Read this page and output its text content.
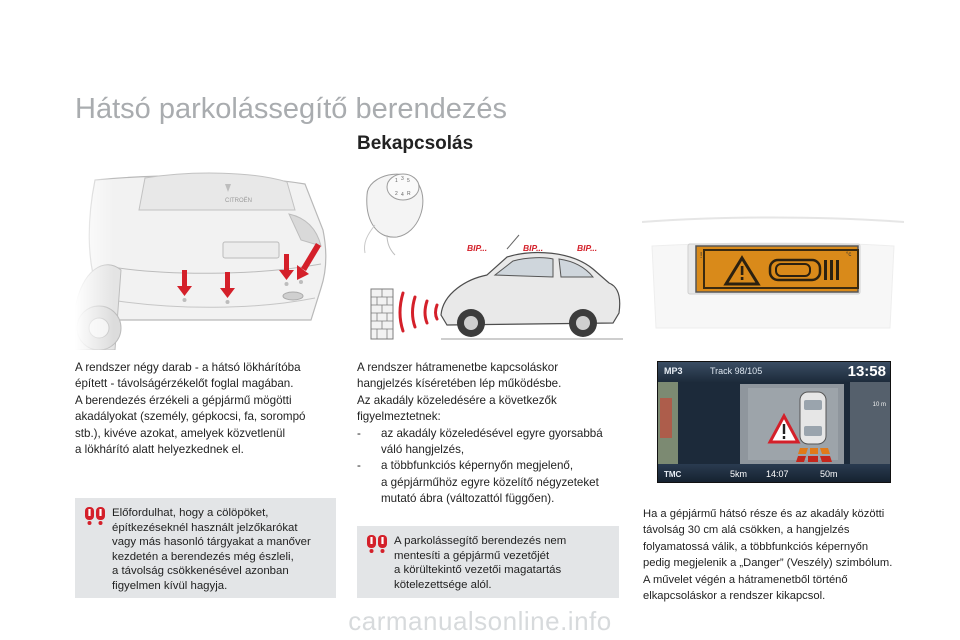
Hátsó parkolássegítő berendezés
Bekapcsolás
A rendszer négy darab - a hátsó lökhárítóba
épített - távolságérzékelőt foglal magában.
A berendezés érzékeli a gépjármű mögötti
akadályokat (személy, gépkocsi, fa, sorompó
stb.), kivéve azokat, amelyek közvetlenül
a lökhárító alatt helyezkednek el.
Előfordulhat, hogy a cölöpöket,
építkezéseknél használt jelzőkarókat
vagy más hasonló tárgyakat a manőver
kezdetén a berendezés még észleli,
a távolság csökkenésével azonban
figyelmen kívül hagyja.
1 3 5
2 4 R
BIP...	BIP...	BIP...
A rendszer hátramenetbe kapcsoláskor
hangjelzés kíséretében lép működésbe.
Az akadály közeledésére a következők
figyelmeztetnek:
- az akadály közeledésével egyre gyorsabbá
váló hangjelzés,
- a többfunkciós képernyőn megjelenő,
a gépjárműhöz egyre közelítő négyzeteket
mutató ábra (változattól függően).
A parkolássegítő berendezés nem
mentesíti a gépjármű vezetőjét
a körültekintő vezetői magatartás
kötelezettsége alól.
!	°c
MP3	Track 98/105	13:58
10 m
TMC	5km 14:07	50m
Ha a gépjármű hátsó része és az akadály közötti
távolság 30 cm alá csökken, a hangjelzés
folyamatossá válik, a többfunkciós képernyőn
pedig megjelenik a „Danger” (Veszély) szimbólum.
A művelet végén a hátramenetből történő
elkapcsoláskor a rendszer kikapcsol.
carmanualsonline.info
